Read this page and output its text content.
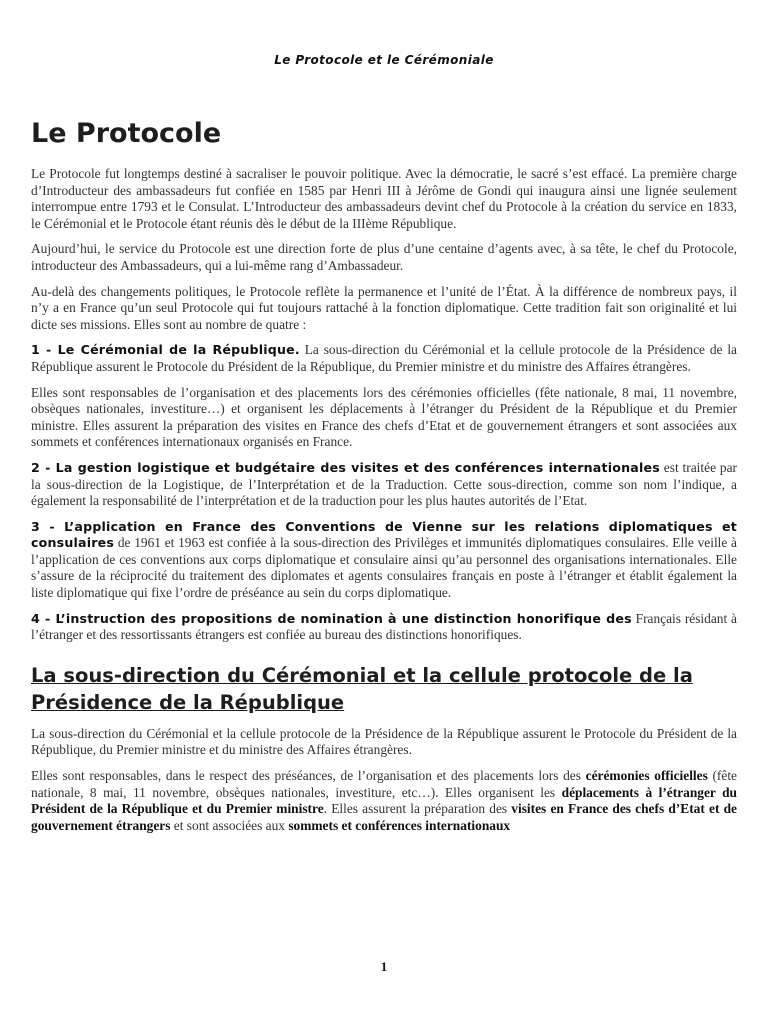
Le Protocole et le Cérémoniale
Le Protocole

Le Protocole fut longtemps destiné à sacraliser le pouvoir politique. Avec la démocratie, le sacré s’est effacé. La première charge d’Introducteur des ambassadeurs fut confiée en 1585 par Henri III à Jérôme de Gondi qui inaugura ainsi une lignée seulement interrompue entre 1793 et le Consulat. L’Introducteur des ambassadeurs devint chef du Protocole à la création du service en 1833, le Cérémonial et le Protocole étant réunis dès le début de la IIIème République.

Aujourd’hui, le service du Protocole est une direction forte de plus d’une centaine d’agents avec, à sa tête, le chef du Protocole, introducteur des Ambassadeurs, qui a lui-même rang d’Ambassadeur.

Au-delà des changements politiques, le Protocole reflète la permanence et l’unité de l’État. À la différence de nombreux pays, il n’y a en France qu’un seul Protocole qui fut toujours rattaché à la fonction diplomatique. Cette tradition fait son originalité et lui dicte ses missions. Elles sont au nombre de quatre :

1 - Le Cérémonial de la République. La sous-direction du Cérémonial et la cellule protocole de la Présidence de la République assurent le Protocole du Président de la République, du Premier ministre et du ministre des Affaires étrangères.

Elles sont responsables de l’organisation et des placements lors des cérémonies officielles (fête nationale, 8 mai, 11 novembre, obsèques nationales, investiture…) et organisent les déplacements à l’étranger du Président de la République et du Premier ministre. Elles assurent la préparation des visites en France des chefs d’Etat et de gouvernement étrangers et sont associées aux sommets et conférences internationaux organisés en France.

2 - La gestion logistique et budgétaire des visites et des conférences internationales est traitée par la sous-direction de la Logistique, de l’Interprétation et de la Traduction. Cette sous-direction, comme son nom l’indique, a également la responsabilité de l’interprétation et de la traduction pour les plus hautes autorités de l’Etat.

3 - L’application en France des Conventions de Vienne sur les relations diplomatiques et consulaires de 1961 et 1963 est confiée à la sous-direction des Privilèges et immunités diplomatiques consulaires. Elle veille à l’application de ces conventions aux corps diplomatique et consulaire ainsi qu’au personnel des organisations internationales. Elle s’assure de la réciprocité du traitement des diplomates et agents consulaires français en poste à l’étranger et établit également la liste diplomatique qui fixe l’ordre de préséance au sein du corps diplomatique.

4 - L’instruction des propositions de nomination à une distinction honorifique des Français résidant à l’étranger et des ressortissants étrangers est confiée au bureau des distinctions honorifiques.

La sous-direction du Cérémonial et la cellule protocole de la Présidence de la République

La sous-direction du Cérémonial et la cellule protocole de la Présidence de la République assurent le Protocole du Président de la République, du Premier ministre et du ministre des Affaires étrangères.

Elles sont responsables, dans le respect des préséances, de l’organisation et des placements lors des cérémonies officielles (fête nationale, 8 mai, 11 novembre, obsèques nationales, investiture, etc…). Elles organisent les déplacements à l’étranger du Président de la République et du Premier ministre. Elles assurent la préparation des visites en France des chefs d’Etat et de gouvernement étrangers et sont associées aux sommets et conférences internationaux

1
